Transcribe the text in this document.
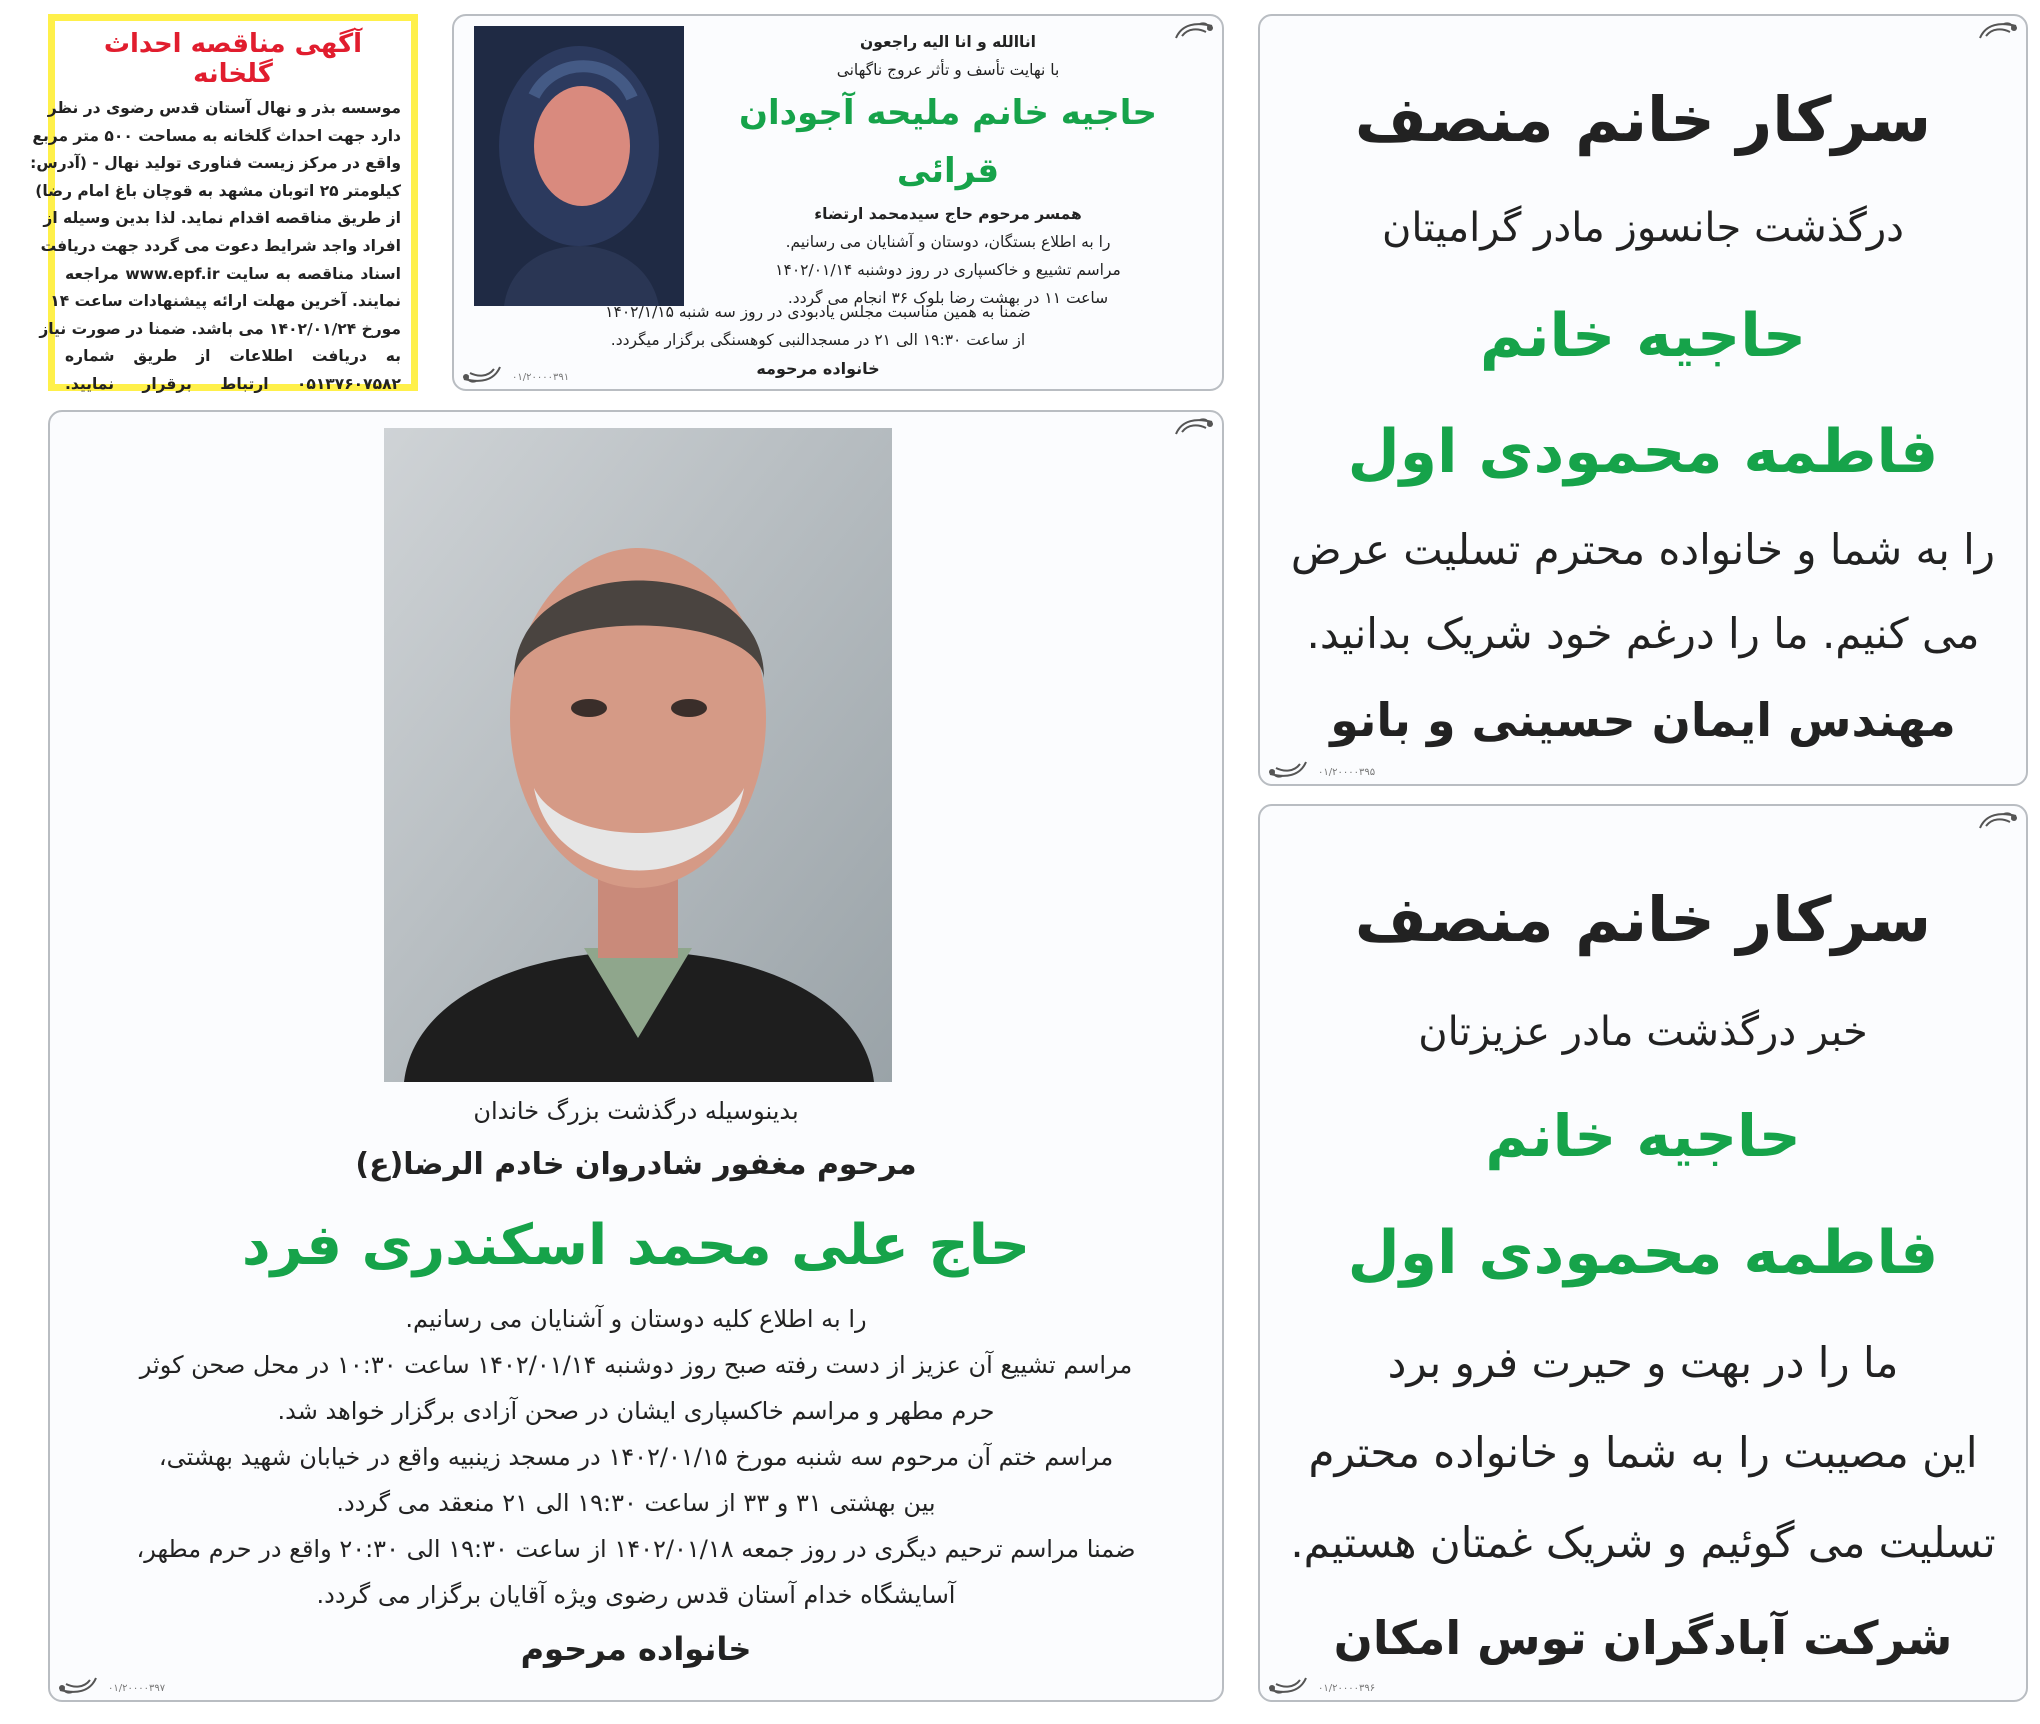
آگهی مناقصه احداث گلخانه
موسسه بذر و نهال آستان قدس رضوی در نظر
دارد جهت احداث گلخانه به مساحت ۵۰۰ متر مربع
واقع در مرکز زیست فناوری تولید نهال - (آدرس:
کیلومتر ۲۵ اتوبان مشهد به قوچان باغ امام رضا)
از طریق مناقصه اقدام نماید. لذا بدین وسیله از
افراد واجد شرایط دعوت می گردد جهت دریافت
اسناد مناقصه به سایت www.epf.ir مراجعه
نمایند. آخرین مهلت ارائه پیشنهادات ساعت ۱۴
مورخ ۱۴۰۲/۰۱/۲۴ می باشد. ضمنا در صورت نیاز
به دریافت اطلاعات از طریق شماره
۰۵۱۳۷۶۰۷۵۸۲ ارتباط برقرار نمایید.
اناالله و انا الیه راجعون
با نهایت تأسف و تأثر عروج ناگهانی
حاجیه خانم ملیحه آجودان قرائی
همسر مرحوم حاج سیدمحمد ارتضاء
را به اطلاع بستگان، دوستان و آشنایان می رسانیم.
مراسم تشییع و خاکسپاری در روز دوشنبه ۱۴۰۲/۰۱/۱۴
ساعت ۱۱ در بهشت رضا بلوک ۳۶ انجام می گردد.
ضمنا به همین مناسبت مجلس یادبودی در روز سه شنبه ۱۴۰۲/۱/۱۵
از ساعت ۱۹:۳۰ الی ۲۱ در مسجدالنبی کوهسنگی برگزار میگردد.
خانواده مرحومه
۰۱/۲۰۰۰۰۳۹۱
بدینوسیله درگذشت بزرگ خاندان
مرحوم مغفور شادروان خادم الرضا(ع)
حاج علی محمد اسکندری فرد
را به اطلاع کلیه دوستان و آشنایان می رسانیم.
مراسم تشییع آن عزیز از دست رفته صبح روز دوشنبه ۱۴۰۲/۰۱/۱۴ ساعت ۱۰:۳۰ در محل صحن کوثر
حرم مطهر و مراسم خاکسپاری ایشان در صحن آزادی برگزار خواهد شد.
مراسم ختم آن مرحوم سه شنبه مورخ ۱۴۰۲/۰۱/۱۵ در مسجد زینبیه واقع در خیابان شهید بهشتی،
بین بهشتی ۳۱ و ۳۳ از ساعت ۱۹:۳۰ الی ۲۱ منعقد می گردد.
ضمنا مراسم ترحیم دیگری در روز جمعه ۱۴۰۲/۰۱/۱۸ از ساعت ۱۹:۳۰ الی ۲۰:۳۰ واقع در حرم مطهر،
آسایشگاه خدام آستان قدس رضوی ویژه آقایان برگزار می گردد.
خانواده مرحوم
۰۱/۲۰۰۰۰۳۹۷
سرکار خانم منصف
درگذشت جانسوز مادر گرامیتان
حاجیه خانم
فاطمه محمودی اول
را به شما و خانواده محترم تسلیت عرض
می کنیم. ما را درغم خود شریک بدانید.
مهندس ایمان حسینی و بانو
۰۱/۲۰۰۰۰۳۹۵
سرکار خانم منصف
خبر درگذشت مادر عزیزتان
حاجیه خانم
فاطمه محمودی اول
ما را در بهت و حیرت فرو برد
این مصیبت را به شما و خانواده محترم
تسلیت می گوئیم و شریک غمتان هستیم.
شرکت آبادگران توس امکان
۰۱/۲۰۰۰۰۳۹۶
